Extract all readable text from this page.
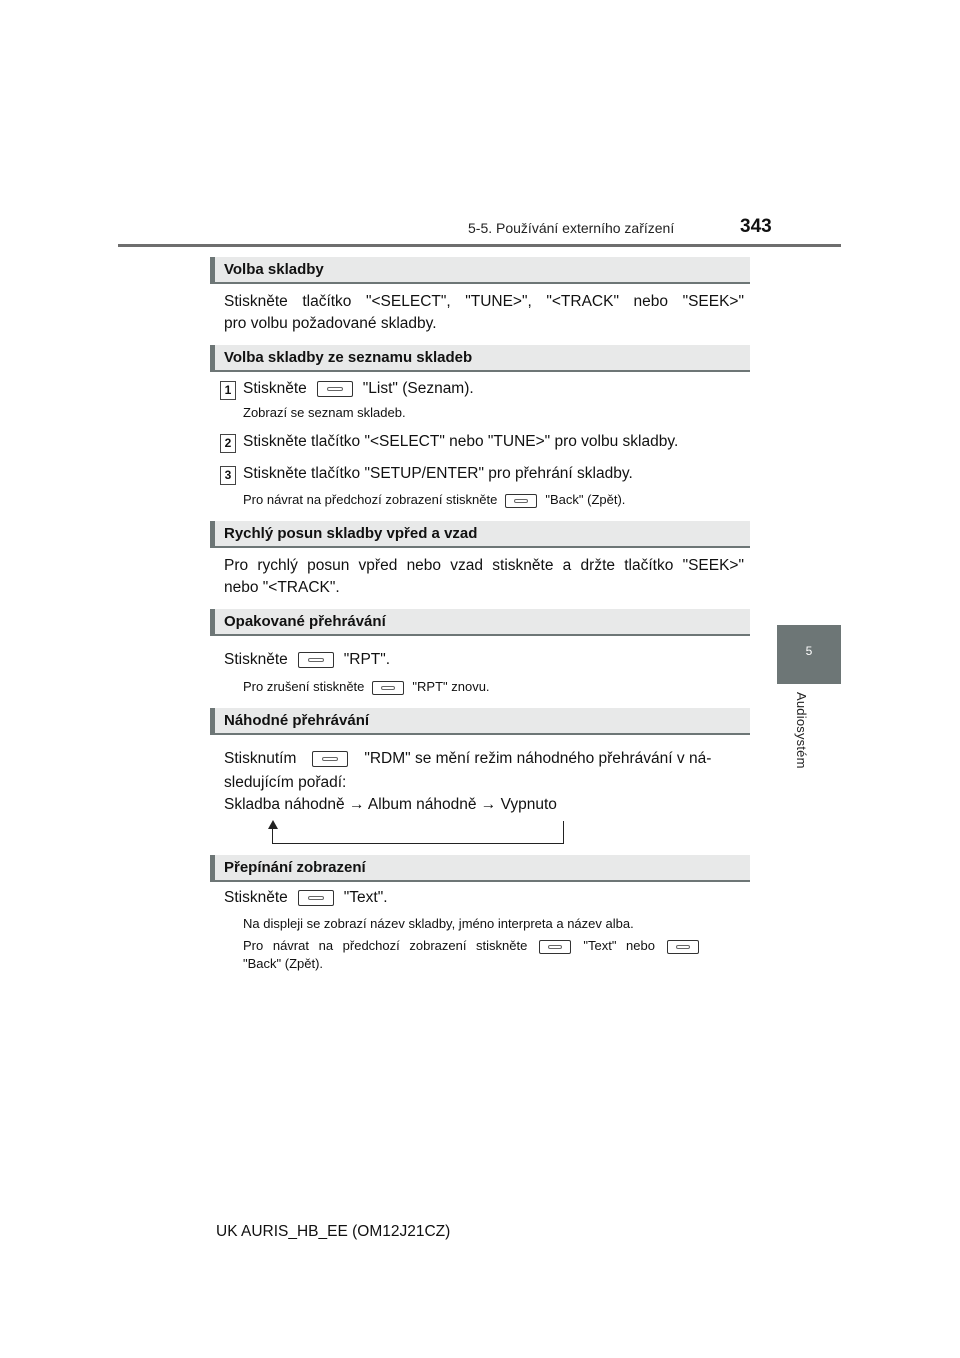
5-5. Používání externího zařízení	343
5
Audiosystém
Volba skladby
Stiskněte tlačítko "<SELECT", "TUNE>", "<TRACK" nebo "SEEK>"
pro volbu požadované skladby.
Volba skladby ze seznamu skladeb
1 Stiskněte	"List" (Seznam).
Zobrazí se seznam skladeb.
2 Stiskněte tlačítko "<SELECT" nebo "TUNE>" pro volbu skladby.
3 Stiskněte tlačítko "SETUP/ENTER" pro přehrání skladby.
Pro návrat na předchozí zobrazení stiskněte	"Back" (Zpět).
Rychlý posun skladby vpřed a vzad
Pro rychlý posun vpřed nebo vzad stiskněte a držte tlačítko "SEEK>"
nebo "<TRACK".
Opakované přehrávání
Stiskněte	"RPT".
Pro zrušení stiskněte	"RPT" znovu.
Náhodné přehrávání
Stisknutím	"RDM" se mění režim náhodného přehrávání v ná-
sledujícím pořadí:
Skladba náhodně → Album náhodně → Vypnuto
Přepínání zobrazení
Stiskněte	"Text".
Na displeji se zobrazí název skladby, jméno interpreta a název alba.
Pro návrat na předchozí zobrazení stiskněte	"Text" nebo
"Back" (Zpět).
UK AURIS_HB_EE (OM12J21CZ)
